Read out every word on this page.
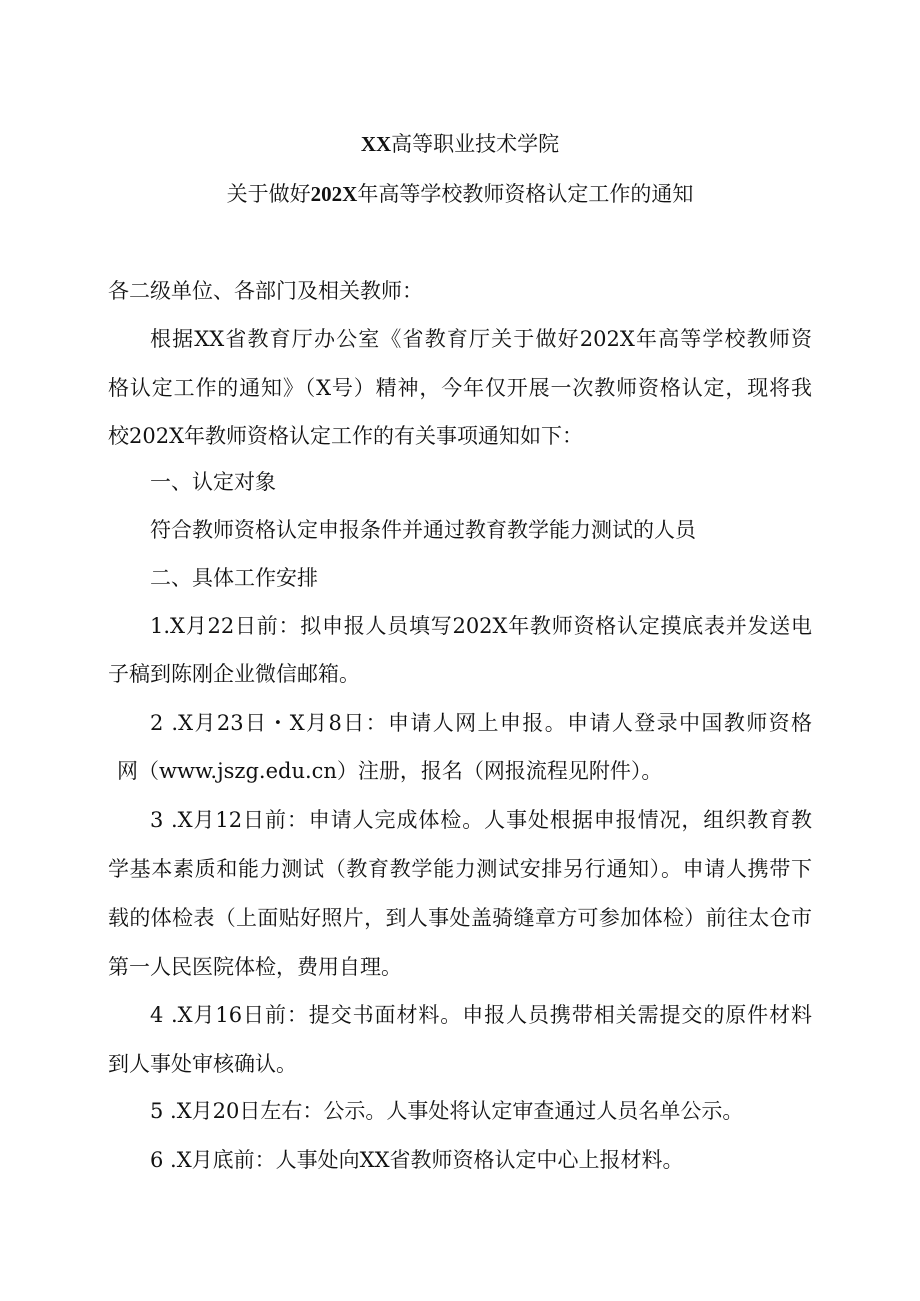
XX高等职业技术学院
关于做好202X年高等学校教师资格认定工作的通知
各二级单位、各部门及相关教师：
根据XX省教育厅办公室《省教育厅关于做好202X年高等学校教师资
格认定工作的通知》（X号）精神，今年仅开展一次教师资格认定，现将我
校202X年教师资格认定工作的有关事项通知如下：
一、认定对象
符合教师资格认定申报条件并通过教育教学能力测试的人员
二、具体工作安排
1.X月22日前：拟申报人员填写202X年教师资格认定摸底表并发送电
子稿到陈刚企业微信邮箱。
2 .X月23日・X月8日：申请人网上申报。申请人登录中国教师资格
网（www.jszg.edu.cn）注册，报名（网报流程见附件）。
3 .X月12日前：申请人完成体检。人事处根据申报情况，组织教育教
学基本素质和能力测试（教育教学能力测试安排另行通知）。申请人携带下
载的体检表（上面贴好照片，到人事处盖骑缝章方可参加体检）前往太仓市
第一人民医院体检，费用自理。
4 .X月16日前：提交书面材料。申报人员携带相关需提交的原件材料
到人事处审核确认。
5 .X月20日左右：公示。人事处将认定审查通过人员名单公示。
6 .X月底前：人事处向XX省教师资格认定中心上报材料。
